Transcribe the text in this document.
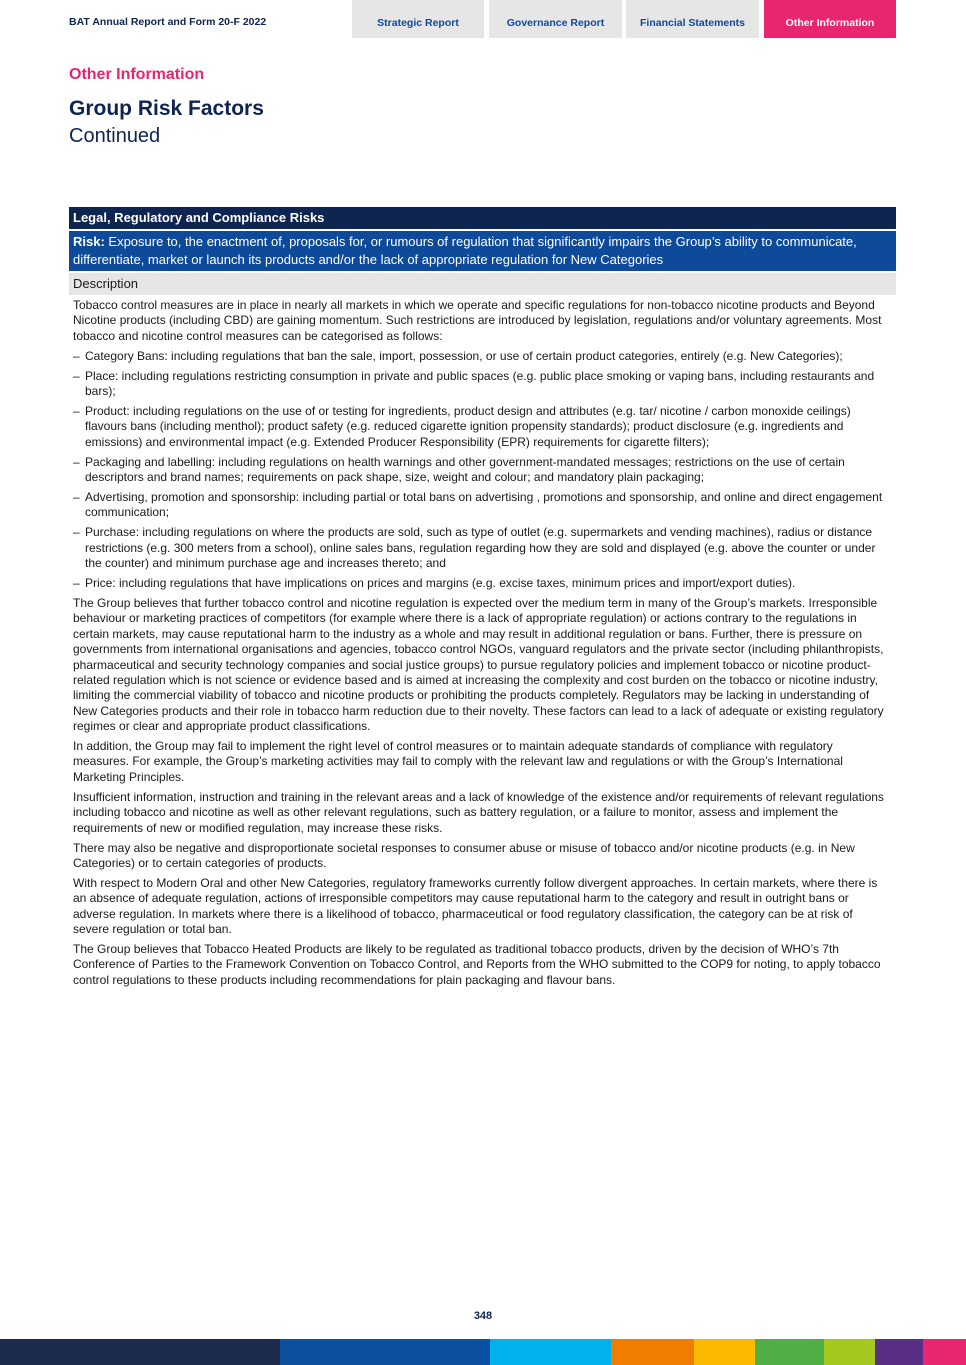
BAT Annual Report and Form 20-F 2022	Strategic Report	Governance Report	Financial Statements	Other Information
Other Information
Group Risk Factors
Continued
Legal, Regulatory and Compliance Risks
Risk: Exposure to, the enactment of, proposals for, or rumours of regulation that significantly impairs the Group’s ability to communicate, differentiate, market or launch its products and/or the lack of appropriate regulation for New Categories
Description

Tobacco control measures are in place in nearly all markets in which we operate and specific regulations for non-tobacco nicotine products and Beyond Nicotine products (including CBD) are gaining momentum. Such restrictions are introduced by legislation, regulations and/or voluntary agreements. Most tobacco and nicotine control measures can be categorised as follows:

– Category Bans: including regulations that ban the sale, import, possession, or use of certain product categories, entirely (e.g. New Categories);
– Place: including regulations restricting consumption in private and public spaces (e.g. public place smoking or vaping bans, including restaurants and bars);
– Product: including regulations on the use of or testing for ingredients, product design and attributes (e.g. tar/ nicotine / carbon monoxide ceilings) flavours bans (including menthol); product safety (e.g. reduced cigarette ignition propensity standards); product disclosure (e.g. ingredients and emissions) and environmental impact (e.g. Extended Producer Responsibility (EPR) requirements for cigarette filters);
– Packaging and labelling: including regulations on health warnings and other government-mandated messages; restrictions on the use of certain descriptors and brand names; requirements on pack shape, size, weight and colour; and mandatory plain packaging;
– Advertising, promotion and sponsorship: including partial or total bans on advertising , promotions and sponsorship, and online and direct engagement communication;
– Purchase: including regulations on where the products are sold, such as type of outlet (e.g. supermarkets and vending machines), radius or distance restrictions (e.g. 300 meters from a school), online sales bans, regulation regarding how they are sold and displayed (e.g. above the counter or under the counter) and minimum purchase age and increases thereto; and
– Price: including regulations that have implications on prices and margins (e.g. excise taxes, minimum prices and import/export duties).

The Group believes that further tobacco control and nicotine regulation is expected over the medium term in many of the Group’s markets. Irresponsible behaviour or marketing practices of competitors (for example where there is a lack of appropriate regulation) or actions contrary to the regulations in certain markets, may cause reputational harm to the industry as a whole and may result in additional regulation or bans. Further, there is pressure on governments from international organisations and agencies, tobacco control NGOs, vanguard regulators and the private sector (including philanthropists, pharmaceutical and security technology companies and social justice groups) to pursue regulatory policies and implement tobacco or nicotine product-related regulation which is not science or evidence based and is aimed at increasing the complexity and cost burden on the tobacco or nicotine industry, limiting the commercial viability of tobacco and nicotine products or prohibiting the products completely. Regulators may be lacking in understanding of New Categories products and their role in tobacco harm reduction due to their novelty. These factors can lead to a lack of adequate or existing regulatory regimes or clear and appropriate product classifications.

In addition, the Group may fail to implement the right level of control measures or to maintain adequate standards of compliance with regulatory measures. For example, the Group’s marketing activities may fail to comply with the relevant law and regulations or with the Group’s International Marketing Principles.

Insufficient information, instruction and training in the relevant areas and a lack of knowledge of the existence and/or requirements of relevant regulations including tobacco and nicotine as well as other relevant regulations, such as battery regulation, or a failure to monitor, assess and implement the requirements of new or modified regulation, may increase these risks.

There may also be negative and disproportionate societal responses to consumer abuse or misuse of tobacco and/or nicotine products (e.g. in New Categories) or to certain categories of products.

With respect to Modern Oral and other New Categories, regulatory frameworks currently follow divergent approaches. In certain markets, where there is an absence of adequate regulation, actions of irresponsible competitors may cause reputational harm to the category and result in outright bans or adverse regulation. In markets where there is a likelihood of tobacco, pharmaceutical or food regulatory classification, the category can be at risk of severe regulation or total ban.

The Group believes that Tobacco Heated Products are likely to be regulated as traditional tobacco products, driven by the decision of WHO’s 7th Conference of Parties to the Framework Convention on Tobacco Control, and Reports from the WHO submitted to the COP9 for noting, to apply tobacco control regulations to these products including recommendations for plain packaging and flavour bans.

348
